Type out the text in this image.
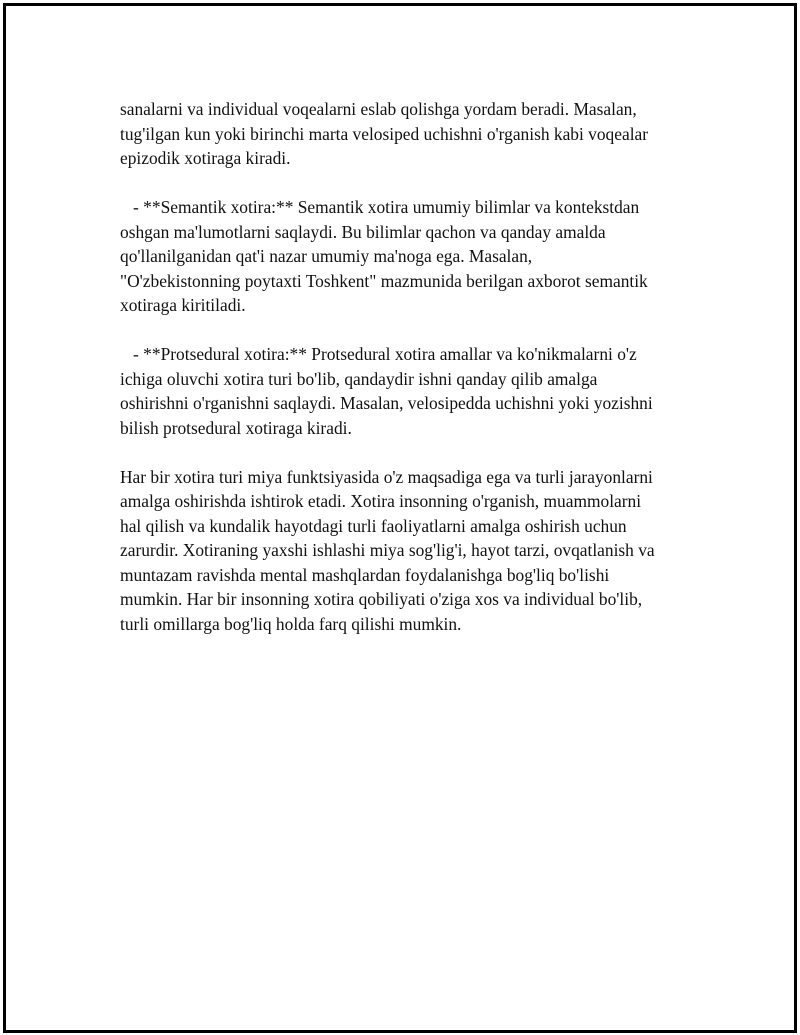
sanalarni va individual voqealarni eslab qolishga yordam beradi. Masalan,
tug'ilgan kun yoki birinchi marta velosiped uchishni o'rganish kabi voqealar
epizodik xotiraga kiradi.

- **Semantik xotira:** Semantik xotira umumiy bilimlar va kontekstdan
oshgan ma'lumotlarni saqlaydi. Bu bilimlar qachon va qanday amalda
qo'llanilganidan qat'i nazar umumiy ma'noga ega. Masalan,
"O'zbekistonning poytaxti Toshkent" mazmunida berilgan axborot semantik
xotiraga kiritiladi.

- **Protsedural xotira:** Protsedural xotira amallar va ko'nikmalarni o'z
ichiga oluvchi xotira turi bo'lib, qandaydir ishni qanday qilib amalga
oshirishni o'rganishni saqlaydi. Masalan, velosipedda uchishni yoki yozishni
bilish protsedural xotiraga kiradi.

Har bir xotira turi miya funktsiyasida o'z maqsadiga ega va turli jarayonlarni
amalga oshirishda ishtirok etadi. Xotira insonning o'rganish, muammolarni
hal qilish va kundalik hayotdagi turli faoliyatlarni amalga oshirish uchun
zarurdir. Xotiraning yaxshi ishlashi miya sog'lig'i, hayot tarzi, ovqatlanish va
muntazam ravishda mental mashqlardan foydalanishga bog'liq bo'lishi
mumkin. Har bir insonning xotira qobiliyati o'ziga xos va individual bo'lib,
turli omillarga bog'liq holda farq qilishi mumkin.
